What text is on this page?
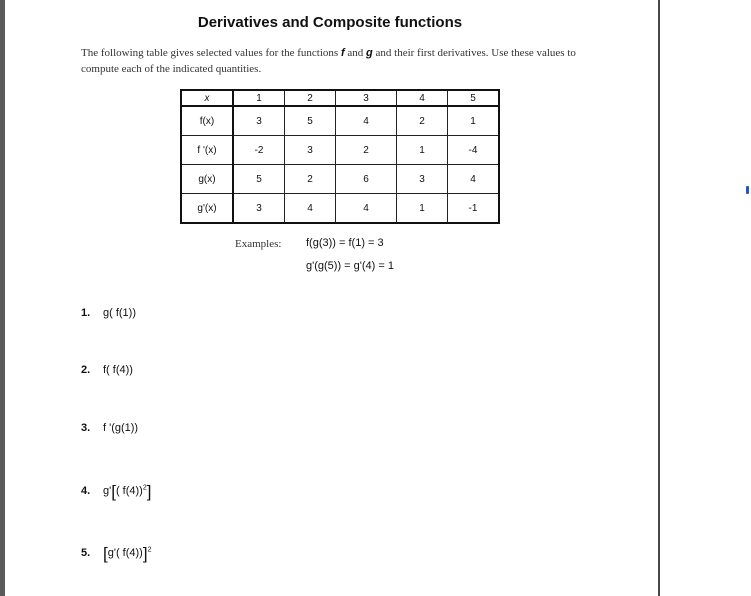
Derivatives and Composite functions
The following table gives selected values for the functions f and g and their first derivatives. Use these values to compute each of the indicated quantities.
x	1	2	3	4	5
f(x)	3	5	4	2	1
f '(x)	-2	3	2	1	-4
g(x)	5	2	6	3	4
g'(x)	3	4	4	1	-1
Examples: f(g(3)) = f(1) = 3
g'(g(5)) = g'(4) = 1
1. g( f(1))
2. f( f(4))
3. f '(g(1))
4. g'[( f(4))$^2$]
5. [g'( f(4))]$^2$
